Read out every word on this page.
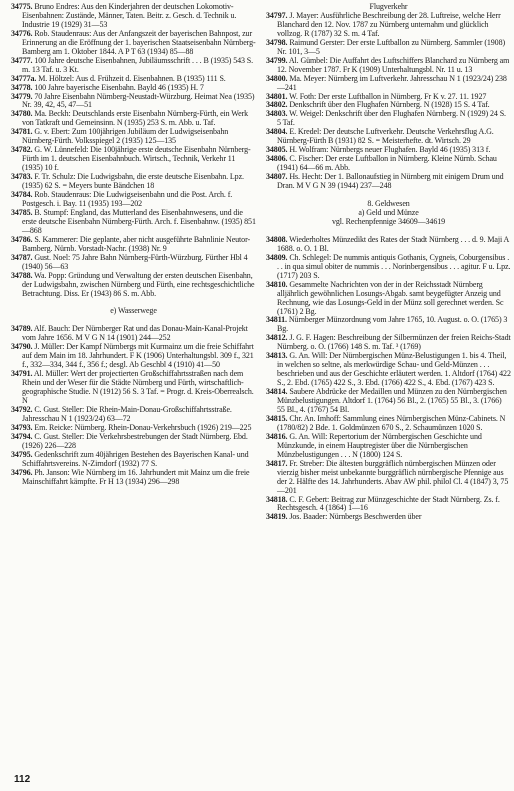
34775. Bruno Endres: Aus den Kinderjahren der deutschen Lokomotiv-Eisenbahnen: Zustände, Männer, Taten. Beitr. z. Gesch. d. Technik u. Industrie 19 (1929) 31—53

34776. Rob. Staudenraus: Aus der Anfangszeit der bayerischen Bahnpost, zur Erinnerung an die Eröffnung der 1. bayerischen Staatseisenbahn Nürnberg-Bamberg am 1. Oktober 1844. A P T 63 (1934) 85—88

34777. 100 Jahre deutsche Eisenbahnen, Jubiläumsschrift . . . B (1935) 543 S. m. 13 Taf. u. 3 Kt.

34777a. M. Höltzel: Aus d. Frühzeit d. Eisenbahnen. B (1935) 111 S.

34778. 100 Jahre bayerische Eisenbahn. Bayld 46 (1935) H. 7

34779. 70 Jahre Eisenbahn Nürnberg-Neustadt-Würzburg. Heimat Nea (1935) Nr. 39, 42, 45, 47—51

34780. Ma. Beckh: Deutschlands erste Eisenbahn Nürnberg-Fürth, ein Werk von Tatkraft und Gemeinsinn. N (1935) 253 S. m. Abb. u. Taf.

34781. G. v. Ebert: Zum 100jährigen Jubiläum der Ludwigseisenbahn Nürnberg-Fürth. Volksspiegel 2 (1935) 125—135

34782. G. W. Lünnefeld: Die 100jährige erste deutsche Eisenbahn Nürnberg-Fürth im 1. deutschen Eisenbahnbuch. Wirtsch., Technik, Verkehr 11 (1935) 10 f.

34783. F. Tr. Schulz: Die Ludwigsbahn, die erste deutsche Eisenbahn. Lpz. (1935) 62 S. = Meyers bunte Bändchen 18

34784. Rob. Staudenraus: Die Ludwigseisenbahn und die Post. Arch. f. Postgesch. i. Bay. 11 (1935) 193—202

34785. B. Stumpf: England, das Mutterland des Eisenbahnwesens, und die erste deutsche Eisenbahn Nürnberg-Fürth. Arch. f. Eisenbahnw. (1935) 851—868

34786. S. Kammerer: Die geplante, aber nicht ausgeführte Bahnlinie Neutor-Bamberg. Nürnb. Vorstadt-Nachr. (1938) Nr. 9

34787. Gust. Noel: 75 Jahre Bahn Nürnberg-Fürth-Würzburg. Fürther Hbl 4 (1940) 56—63

34788. Wa. Popp: Gründung und Verwaltung der ersten deutschen Eisenbahn, der Ludwigsbahn, zwischen Nürnberg und Fürth, eine rechtsgeschichtliche Betrachtung. Diss. Er (1943) 86 S. m. Abb.

e) Wasserwege

34789. Alf. Bauch: Der Nürnberger Rat und das Donau-Main-Kanal-Projekt vom Jahre 1656. M V G N 14 (1901) 244—252

34790. J. Müller: Der Kampf Nürnbergs mit Kurmainz um die freie Schiffahrt auf dem Main im 18. Jahrhundert. F K (1906) Unterhaltungsbl. 309 f., 321 f., 332—334, 344 f., 356 f.; desgl. Ab Geschbl 4 (1910) 41—50

34791. Al. Müller: Wert der projectierten Großschiffahrtsstraßen nach dem Rhein und der Weser für die Städte Nürnberg und Fürth, wirtschaftlich-geographische Studie. N (1912) 56 S. 3 Taf. = Progr. d. Kreis-Oberrealsch. N

34792. C. Gust. Steller: Die Rhein-Main-Donau-Großschiffahrtsstraße. Jahresschau N 1 (1923/24) 63—72

34793. Em. Reicke: Nürnberg. Rhein-Donau-Verkehrsbuch (1926) 219—225

34794. C. Gust. Steller: Die Verkehrsbestrebungen der Stadt Nürnberg. Ebd. (1926) 226—228

34795. Gedenkschrift zum 40jährigen Bestehen des Bayerischen Kanal- und Schiffahrtsvereins. N-Zirndorf (1932) 77 S.

34796. Ph. Janson: Wie Nürnberg im 16. Jahrhundert mit Mainz um die freie Mainschiffahrt kämpfte. Fr H 13 (1934) 296—298

Flugverkehr

34797. J. Mayer: Ausführliche Beschreibung der 28. Luftreise, welche Herr Blanchard den 12. Nov. 1787 zu Nürnberg unternahm und glücklich vollzog. R (1787) 32 S. m. 4 Taf.

34798. Raimund Gerster: Der erste Luftballon zu Nürnberg. Sammler (1908) Nr. 101, 3—5

34799. Al. Gümbel: Die Auffahrt des Luftschiffers Blanchard zu Nürnberg am 12. November 1787. Fr K (1909) Unterhaltungsbl. Nr. 11 u. 13

34800. Ma. Meyer: Nürnberg im Luftverkehr. Jahresschau N 1 (1923/24) 238—241

34801. W. Foth: Der erste Luftballon in Nürnberg. Fr K v. 27. 11. 1927

34802. Denkschrift über den Flughafen Nürnberg. N (1928) 15 S. 4 Taf.

34803. W. Weigel: Denkschrift über den Flughafen Nürnberg. N (1929) 24 S. 5 Taf.

34804. E. Kredel: Der deutsche Luftverkehr. Deutsche Verkehrsflug A.G. Nürnberg-Fürth B (1931) 82 S. = Meisterhefte. dt. Wirtsch. 29

34805. H. Wolfram: Nürnbergs neuer Flughafen. Bayld 46 (1935) 313 f.

34806. C. Fischer: Der erste Luftballon in Nürnberg. Kleine Nürnb. Schau (1941) 64—66 m. Abb.

34807. Hs. Hecht: Der 1. Ballonaufstieg in Nürnberg mit einigem Drum und Dran. M V G N 39 (1944) 237—248

8. Geldwesen

a) Geld und Münze

vgl. Rechenpfennige 34609—34619

34808. Wiederholtes Münzedikt des Rates der Stadt Nürnberg . . . d. 9. Maji A 1688. o. O. 1 Bl.

34809. Ch. Schlegel: De nummis antiquis Gothanis, Cygneis, Coburgensibus . . . in qua simul obiter de nummis . . . Norinbergensibus . . . agitur. F u. Lpz. (1717) 203 S.

34810. Gesammelte Nachrichten von der in der Reichsstadt Nürnberg alljährlich gewöhnlichen Losungs-Abgab. samt beygefügter Anzeig und Rechnung, wie das Losungs-Geld in der Münz soll gerechnet werden. Sc (1761) 2 Bg.

34811. Nürnberger Münzordnung vom Jahre 1765, 10. August. o. O. (1765) 3 Bg.

34812. J. G. F. Hagen: Beschreibung der Silbermünzen der freien Reichs-Stadt Nürnberg. o. O. (1766) 148 S. m. Taf. ³ (1769)

34813. G. An. Will: Der Nürnbergischen Münz-Belustigungen 1. bis 4. Theil, in welchen so seltne, als merkwürdige Schau- und Geld-Münzen . . . beschrieben und aus der Geschichte erläutert werden. 1. Altdorf (1764) 422 S., 2. Ebd. (1765) 422 S., 3. Ebd. (1766) 422 S., 4. Ebd. (1767) 423 S.

34814. Saubere Abdrücke der Medaillen und Münzen zu den Nürnbergischen Münzbelustigungen. Altdorf 1. (1764) 56 Bl., 2. (1765) 55 Bl., 3. (1766) 55 Bl., 4. (1767) 54 Bl.

34815. Chr. An. Imhoff: Sammlung eines Nürnbergischen Münz-Cabinets. N (1780/82) 2 Bde. 1. Goldmünzen 670 S., 2. Schaumünzen 1020 S.

34816. G. An. Will: Repertorium der Nürnbergischen Geschichte und Münzkunde, in einem Hauptregister über die Nürnbergischen Münzbelustigungen . . . N (1800) 124 S.

34817. Fr. Streber: Die ältesten burggräflich nürnbergischen Münzen oder vierzig bisher meist unbekannte burggräflich nürnbergische Pfennige aus der 2. Hälfte des 14. Jahrhunderts. Abav AW phil. philol Cl. 4 (1847) 3, 75—201

34818. C. F. Gebert: Beitrag zur Münzgeschichte der Stadt Nürnberg. Zs. f. Rechtsgesch. 4 (1864) 1—16

34819. Jos. Baader: Nürnbergs Beschwerden über

112
